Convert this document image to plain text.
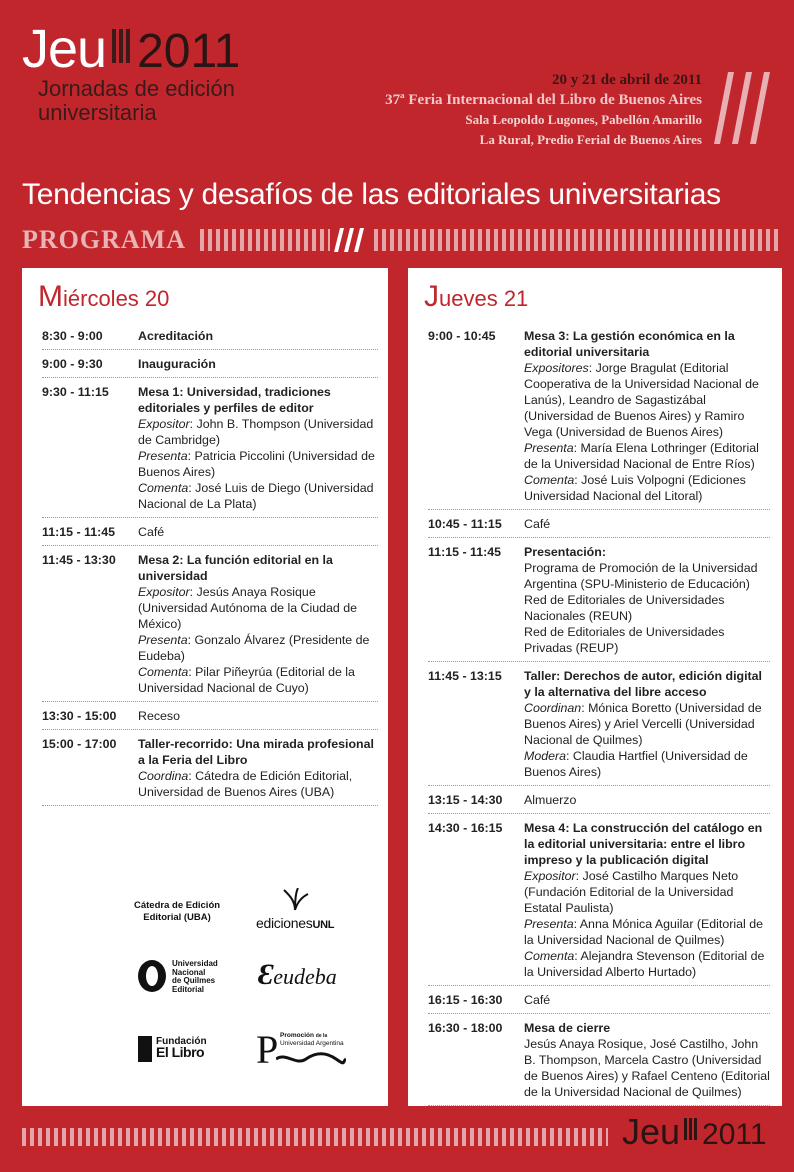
Jeu 2011
Jornadas de edición
universitaria
20 y 21 de abril de 2011
37ª Feria Internacional del Libro de Buenos Aires
Sala Leopoldo Lugones, Pabellón Amarillo
La Rural, Predio Ferial de Buenos Aires
Tendencias y desafíos de las editoriales universitarias
PROGRAMA
Miércoles 20
8:30 - 9:00	Acreditación
9:00 - 9:30	Inauguración
9:30 - 11:15	Mesa 1: Universidad, tradiciones editoriales y perfiles de editor
Expositor: John B. Thompson (Universidad de Cambridge)
Presenta: Patricia Piccolini (Universidad de Buenos Aires)
Comenta: José Luis de Diego (Universidad Nacional de La Plata)
11:15 - 11:45	Café
11:45 - 13:30	Mesa 2: La función editorial en la universidad
Expositor: Jesús Anaya Rosique (Universidad Autónoma de la Ciudad de México)
Presenta: Gonzalo Álvarez (Presidente de Eudeba)
Comenta: Pilar Piñeyrúa (Editorial de la Universidad Nacional de Cuyo)
13:30 - 15:00	Receso
15:00 - 17:00	Taller-recorrido: Una mirada profesional a la Feria del Libro
Coordina: Cátedra de Edición Editorial, Universidad de Buenos Aires (UBA)
Cátedra de Edición
Editorial (UBA)	edicionesUNL
Universidad
Nacional
de Quilmes
Editorial	Ɛeudeba
Fundación
El Libro P Promoción de la
Universidad Argentina
Jueves 21
9:00 - 10:45	Mesa 3: La gestión económica en la editorial universitaria
Expositores: Jorge Bragulat (Editorial Cooperativa de la Universidad Nacional de Lanús), Leandro de Sagastizábal (Universidad de Buenos Aires) y Ramiro Vega (Universidad de Buenos Aires)
Presenta: María Elena Lothringer (Editorial de la Universidad Nacional de Entre Ríos)
Comenta: José Luis Volpogni (Ediciones Universidad Nacional del Litoral)
10:45 - 11:15	Café
11:15 - 11:45	Presentación:
Programa de Promoción de la Universidad Argentina (SPU-Ministerio de Educación)
Red de Editoriales de Universidades Nacionales (REUN)
Red de Editoriales de Universidades Privadas (REUP)
11:45 - 13:15	Taller: Derechos de autor, edición digital y la alternativa del libre acceso
Coordinan: Mónica Boretto (Universidad de Buenos Aires) y Ariel Vercelli (Universidad Nacional de Quilmes)
Modera: Claudia Hartfiel (Universidad de Buenos Aires)
13:15 - 14:30	Almuerzo
14:30 - 16:15	Mesa 4: La construcción del catálogo en la editorial universitaria: entre el libro impreso y la publicación digital
Expositor: José Castilho Marques Neto (Fundación Editorial de la Universidad Estatal Paulista)
Presenta: Anna Mónica Aguilar (Editorial de la Universidad Nacional de Quilmes)
Comenta: Alejandra Stevenson (Editorial de la Universidad Alberto Hurtado)
16:15 - 16:30	Café
16:30 - 18:00	Mesa de cierre
Jesús Anaya Rosique, José Castilho, John B. Thompson, Marcela Castro (Universidad de Buenos Aires) y Rafael Centeno (Editorial de la Universidad Nacional de Quilmes)
Jeu 2011
